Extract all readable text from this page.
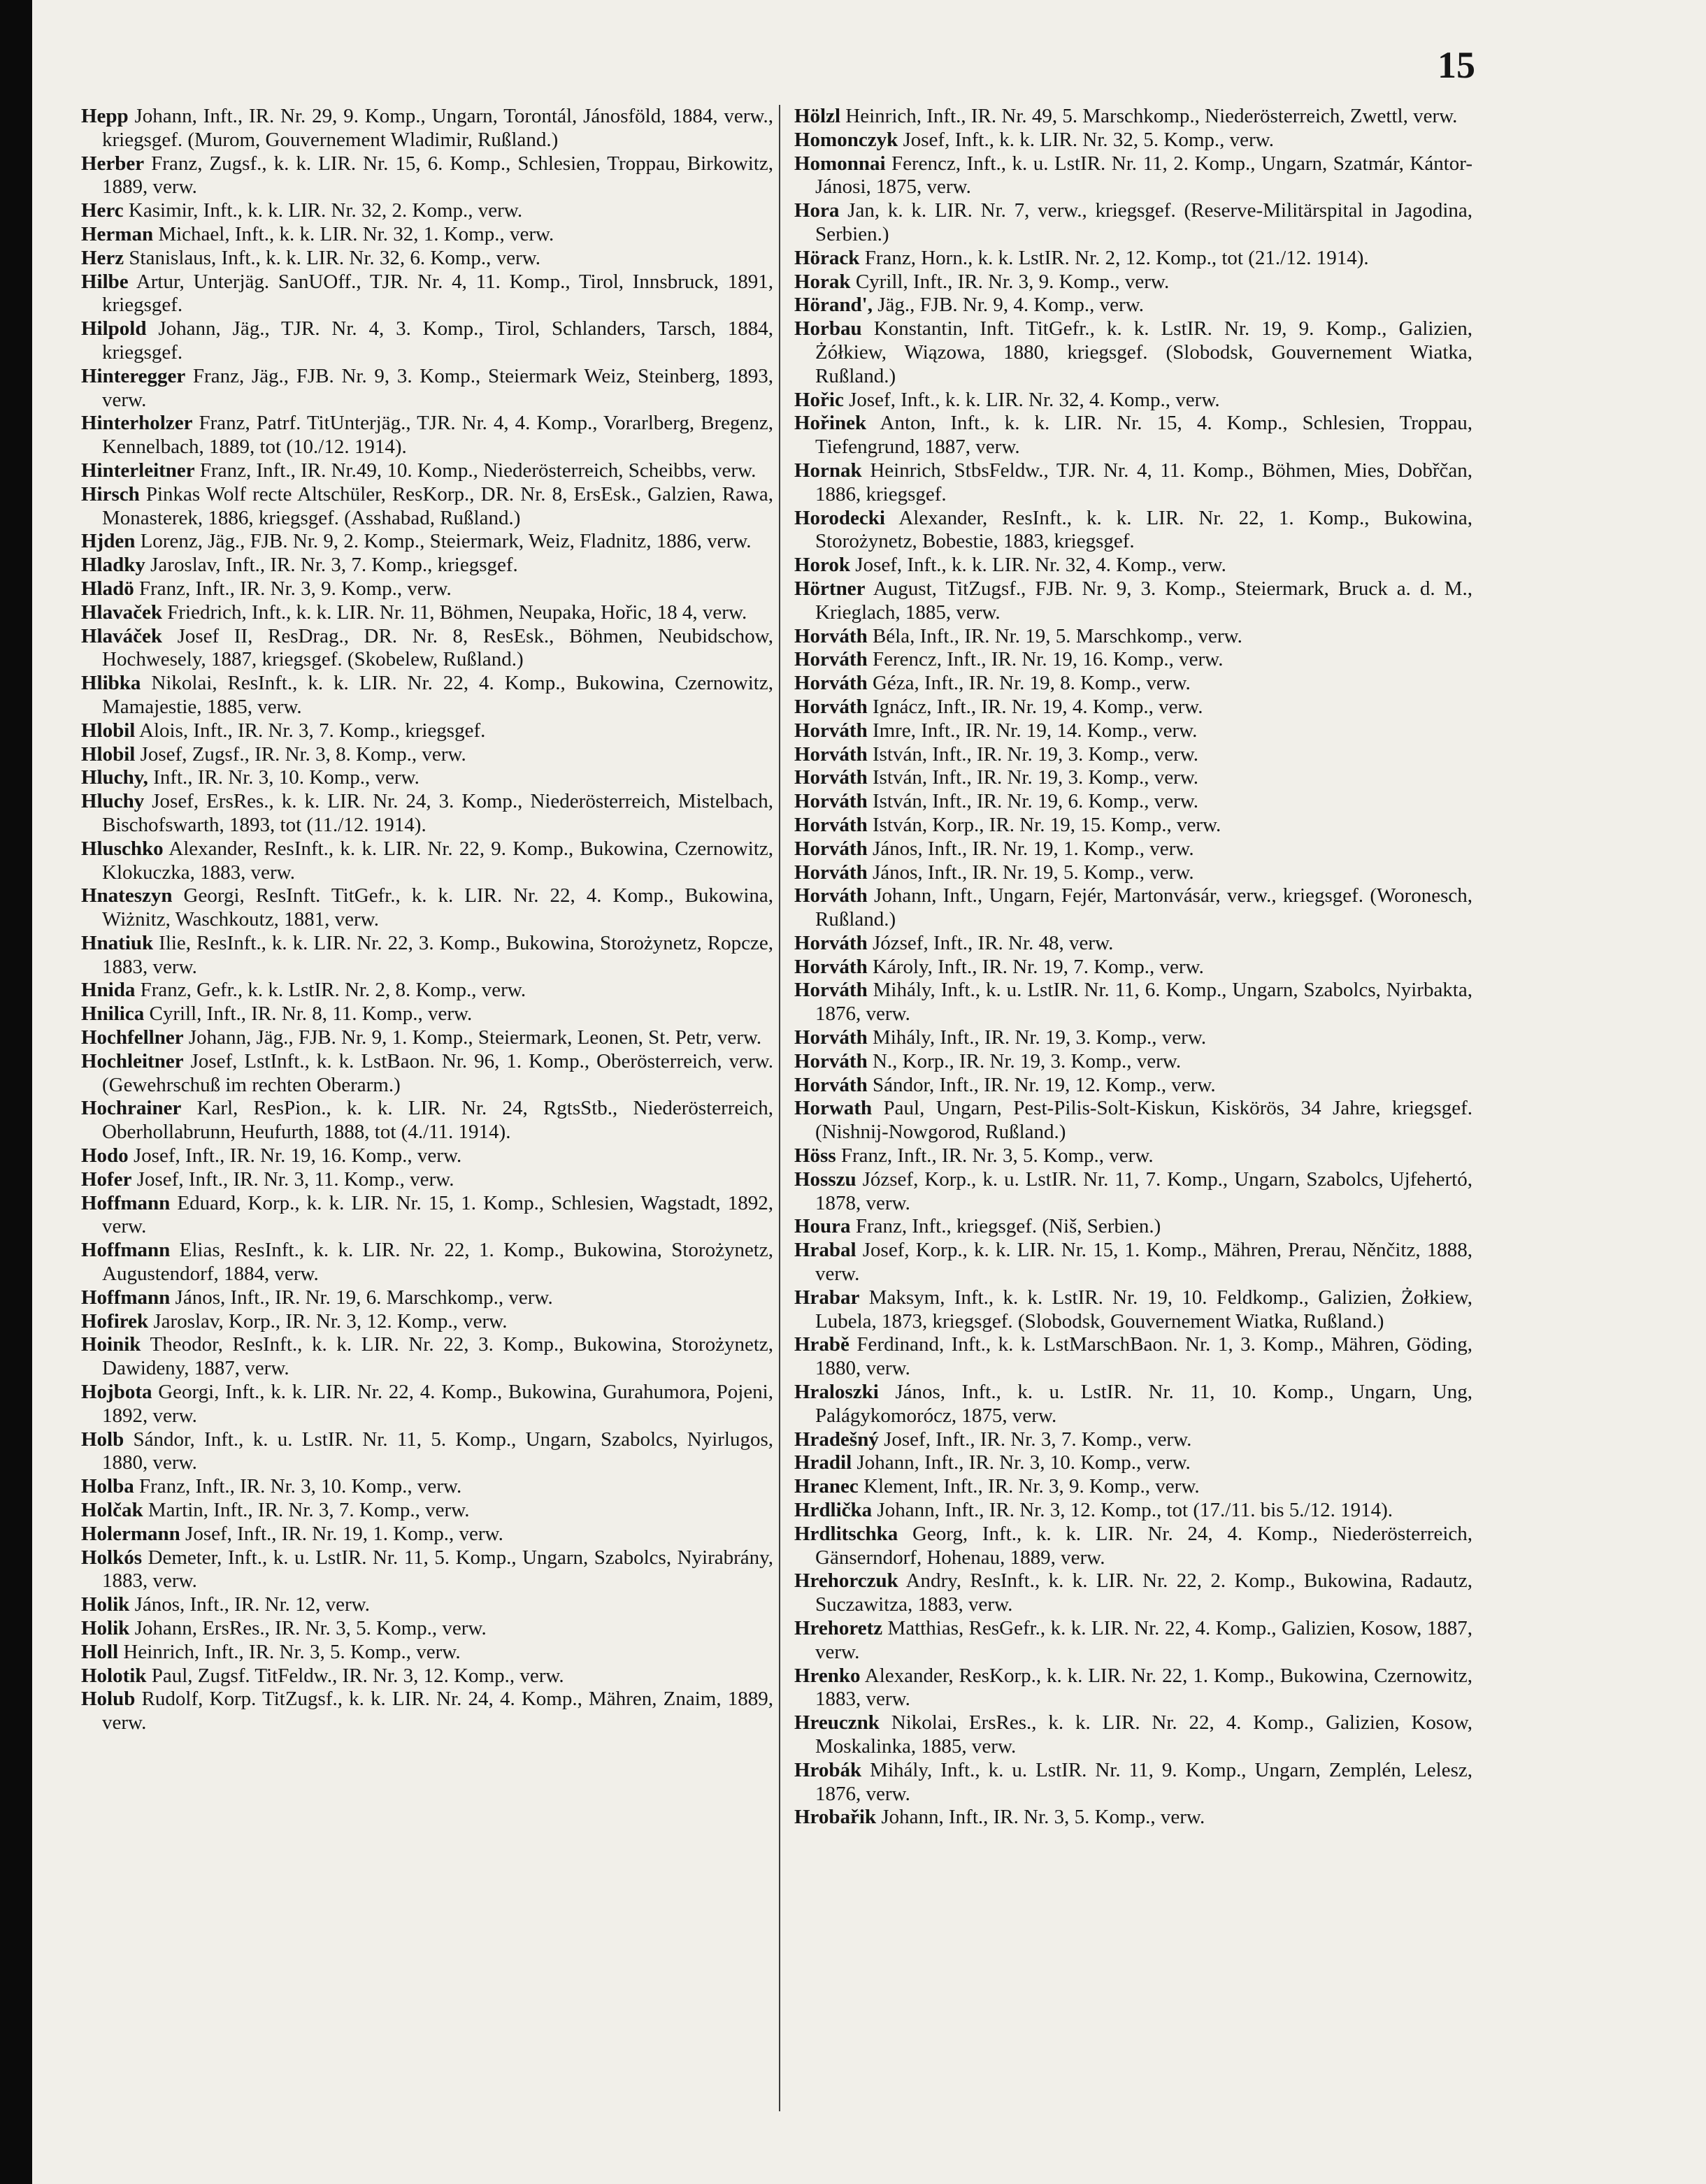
15

Hepp Johann, Inft., IR. Nr. 29, 9. Komp., Ungarn, Torontál, Jánosföld, 1884, verw., kriegsgef. (Murom, Gouvernement Wladimir, Rußland.)

Herber Franz, Zugsf., k. k. LIR. Nr. 15, 6. Komp., Schlesien, Troppau, Birkowitz, 1889, verw.

Herc Kasimir, Inft., k. k. LIR. Nr. 32, 2. Komp., verw.

Herman Michael, Inft., k. k. LIR. Nr. 32, 1. Komp., verw.

Herz Stanislaus, Inft., k. k. LIR. Nr. 32, 6. Komp., verw.

Hilbe Artur, Unterjäg. SanUOff., TJR. Nr. 4, 11. Komp., Tirol, Innsbruck, 1891, kriegsgef.

Hilpold Johann, Jäg., TJR. Nr. 4, 3. Komp., Tirol, Schlanders, Tarsch, 1884, kriegsgef.

Hinteregger Franz, Jäg., FJB. Nr. 9, 3. Komp., Steiermark Weiz, Steinberg, 1893, verw.

Hinterholzer Franz, Patrf. TitUnterjäg., TJR. Nr. 4, 4. Komp., Vorarlberg, Bregenz, Kennelbach, 1889, tot (10./12. 1914).

Hinterleitner Franz, Inft., IR. Nr.49, 10. Komp., Niederösterreich, Scheibbs, verw.

Hirsch Pinkas Wolf recte Altschüler, ResKorp., DR. Nr. 8, ErsEsk., Galzien, Rawa, Monasterek, 1886, kriegsgef. (Asshabad, Rußland.)

Hjden Lorenz, Jäg., FJB. Nr. 9, 2. Komp., Steiermark, Weiz, Fladnitz, 1886, verw.

Hladky Jaroslav, Inft., IR. Nr. 3, 7. Komp., kriegsgef.

Hladö Franz, Inft., IR. Nr. 3, 9. Komp., verw.

Hlavaček Friedrich, Inft., k. k. LIR. Nr. 11, Böhmen, Neupaka, Hořic, 18 4, verw.

Hlaváček Josef II, ResDrag., DR. Nr. 8, ResEsk., Böhmen, Neubidschow, Hochwesely, 1887, kriegsgef. (Skobelew, Rußland.)

Hlibka Nikolai, ResInft., k. k. LIR. Nr. 22, 4. Komp., Bukowina, Czernowitz, Mamajestie, 1885, verw.

Hlobil Alois, Inft., IR. Nr. 3, 7. Komp., kriegsgef.

Hlobil Josef, Zugsf., IR. Nr. 3, 8. Komp., verw.

Hluchy, Inft., IR. Nr. 3, 10. Komp., verw.

Hluchy Josef, ErsRes., k. k. LIR. Nr. 24, 3. Komp., Niederösterreich, Mistelbach, Bischofswarth, 1893, tot (11./12. 1914).

Hluschko Alexander, ResInft., k. k. LIR. Nr. 22, 9. Komp., Bukowina, Czernowitz, Klokuczka, 1883, verw.

Hnateszyn Georgi, ResInft. TitGefr., k. k. LIR. Nr. 22, 4. Komp., Bukowina, Wiżnitz, Waschkoutz, 1881, verw.

Hnatiuk Ilie, ResInft., k. k. LIR. Nr. 22, 3. Komp., Bukowina, Storożynetz, Ropcze, 1883, verw.

Hnida Franz, Gefr., k. k. LstIR. Nr. 2, 8. Komp., verw.

Hnilica Cyrill, Inft., IR. Nr. 8, 11. Komp., verw.

Hochfellner Johann, Jäg., FJB. Nr. 9, 1. Komp., Steiermark, Leonen, St. Petr, verw.

Hochleitner Josef, LstInft., k. k. LstBaon. Nr. 96, 1. Komp., Oberösterreich, verw. (Gewehrschuß im rechten Oberarm.)

Hochrainer Karl, ResPion., k. k. LIR. Nr. 24, RgtsStb., Niederösterreich, Oberhollabrunn, Heufurth, 1888, tot (4./11. 1914).

Hodo Josef, Inft., IR. Nr. 19, 16. Komp., verw.

Hofer Josef, Inft., IR. Nr. 3, 11. Komp., verw.

Hoffmann Eduard, Korp., k. k. LIR. Nr. 15, 1. Komp., Schlesien, Wagstadt, 1892, verw.

Hoffmann Elias, ResInft., k. k. LIR. Nr. 22, 1. Komp., Bukowina, Storożynetz, Augustendorf, 1884, verw.

Hoffmann János, Inft., IR. Nr. 19, 6. Marschkomp., verw.

Hofirek Jaroslav, Korp., IR. Nr. 3, 12. Komp., verw.

Hoinik Theodor, ResInft., k. k. LIR. Nr. 22, 3. Komp., Bukowina, Storożynetz, Dawideny, 1887, verw.

Hojbota Georgi, Inft., k. k. LIR. Nr. 22, 4. Komp., Bukowina, Gurahumora, Pojeni, 1892, verw.

Holb Sándor, Inft., k. u. LstIR. Nr. 11, 5. Komp., Ungarn, Szabolcs, Nyirlugos, 1880, verw.

Holba Franz, Inft., IR. Nr. 3, 10. Komp., verw.

Holčak Martin, Inft., IR. Nr. 3, 7. Komp., verw.

Holermann Josef, Inft., IR. Nr. 19, 1. Komp., verw.

Holkós Demeter, Inft., k. u. LstIR. Nr. 11, 5. Komp., Ungarn, Szabolcs, Nyirabrány, 1883, verw.

Holik János, Inft., IR. Nr. 12, verw.

Holik Johann, ErsRes., IR. Nr. 3, 5. Komp., verw.

Holl Heinrich, Inft., IR. Nr. 3, 5. Komp., verw.

Holotik Paul, Zugsf. TitFeldw., IR. Nr. 3, 12. Komp., verw.

Holub Rudolf, Korp. TitZugsf., k. k. LIR. Nr. 24, 4. Komp., Mähren, Znaim, 1889, verw.

Hölzl Heinrich, Inft., IR. Nr. 49, 5. Marschkomp., Niederösterreich, Zwettl, verw.

Homonczyk Josef, Inft., k. k. LIR. Nr. 32, 5. Komp., verw.

Homonnai Ferencz, Inft., k. u. LstIR. Nr. 11, 2. Komp., Ungarn, Szatmár, Kántor-Jánosi, 1875, verw.

Hora Jan, k. k. LIR. Nr. 7, verw., kriegsgef. (Reserve-Militärspital in Jagodina, Serbien.)

Hörack Franz, Horn., k. k. LstIR. Nr. 2, 12. Komp., tot (21./12. 1914).

Horak Cyrill, Inft., IR. Nr. 3, 9. Komp., verw.

Hörand', Jäg., FJB. Nr. 9, 4. Komp., verw.

Horbau Konstantin, Inft. TitGefr., k. k. LstIR. Nr. 19, 9. Komp., Galizien, Żółkiew, Wiązowa, 1880, kriegsgef. (Slobodsk, Gouvernement Wiatka, Rußland.)

Hořic Josef, Inft., k. k. LIR. Nr. 32, 4. Komp., verw.

Hořinek Anton, Inft., k. k. LIR. Nr. 15, 4. Komp., Schlesien, Troppau, Tiefengrund, 1887, verw.

Hornak Heinrich, StbsFeldw., TJR. Nr. 4, 11. Komp., Böhmen, Mies, Dobřčan, 1886, kriegsgef.

Horodecki Alexander, ResInft., k. k. LIR. Nr. 22, 1. Komp., Bukowina, Storożynetz, Bobestie, 1883, kriegsgef.

Horok Josef, Inft., k. k. LIR. Nr. 32, 4. Komp., verw.

Hörtner August, TitZugsf., FJB. Nr. 9, 3. Komp., Steiermark, Bruck a. d. M., Krieglach, 1885, verw.

Horváth Béla, Inft., IR. Nr. 19, 5. Marschkomp., verw.

Horváth Ferencz, Inft., IR. Nr. 19, 16. Komp., verw.

Horváth Géza, Inft., IR. Nr. 19, 8. Komp., verw.

Horváth Ignácz, Inft., IR. Nr. 19, 4. Komp., verw.

Horváth Imre, Inft., IR. Nr. 19, 14. Komp., verw.

Horváth István, Inft., IR. Nr. 19, 3. Komp., verw.

Horváth István, Inft., IR. Nr. 19, 3. Komp., verw.

Horváth István, Inft., IR. Nr. 19, 6. Komp., verw.

Horváth István, Korp., IR. Nr. 19, 15. Komp., verw.

Horváth János, Inft., IR. Nr. 19, 1. Komp., verw.

Horváth János, Inft., IR. Nr. 19, 5. Komp., verw.

Horváth Johann, Inft., Ungarn, Fejér, Martonvásár, verw., kriegsgef. (Woronesch, Rußland.)

Horváth József, Inft., IR. Nr. 48, verw.

Horváth Károly, Inft., IR. Nr. 19, 7. Komp., verw.

Horváth Mihály, Inft., k. u. LstIR. Nr. 11, 6. Komp., Ungarn, Szabolcs, Nyirbakta, 1876, verw.

Horváth Mihály, Inft., IR. Nr. 19, 3. Komp., verw.

Horváth N., Korp., IR. Nr. 19, 3. Komp., verw.

Horváth Sándor, Inft., IR. Nr. 19, 12. Komp., verw.

Horwath Paul, Ungarn, Pest-Pilis-Solt-Kiskun, Kiskörös, 34 Jahre, kriegsgef. (Nishnij-Nowgorod, Rußland.)

Höss Franz, Inft., IR. Nr. 3, 5. Komp., verw.

Hosszu József, Korp., k. u. LstIR. Nr. 11, 7. Komp., Ungarn, Szabolcs, Ujfehertó, 1878, verw.

Houra Franz, Inft., kriegsgef. (Niš, Serbien.)

Hrabal Josef, Korp., k. k. LIR. Nr. 15, 1. Komp., Mähren, Prerau, Něnčitz, 1888, verw.

Hrabar Maksym, Inft., k. k. LstIR. Nr. 19, 10. Feldkomp., Galizien, Żołkiew, Lubela, 1873, kriegsgef. (Slobodsk, Gouvernement Wiatka, Rußland.)

Hrabě Ferdinand, Inft., k. k. LstMarschBaon. Nr. 1, 3. Komp., Mähren, Göding, 1880, verw.

Hraloszki János, Inft., k. u. LstIR. Nr. 11, 10. Komp., Ungarn, Ung, Palágykomorócz, 1875, verw.

Hradešný Josef, Inft., IR. Nr. 3, 7. Komp., verw.

Hradil Johann, Inft., IR. Nr. 3, 10. Komp., verw.

Hranec Klement, Inft., IR. Nr. 3, 9. Komp., verw.

Hrdlička Johann, Inft., IR. Nr. 3, 12. Komp., tot (17./11. bis 5./12. 1914).

Hrdlitschka Georg, Inft., k. k. LIR. Nr. 24, 4. Komp., Niederösterreich, Gänserndorf, Hohenau, 1889, verw.

Hrehorczuk Andry, ResInft., k. k. LIR. Nr. 22, 2. Komp., Bukowina, Radautz, Suczawitza, 1883, verw.

Hrehoretz Matthias, ResGefr., k. k. LIR. Nr. 22, 4. Komp., Galizien, Kosow, 1887, verw.

Hrenko Alexander, ResKorp., k. k. LIR. Nr. 22, 1. Komp., Bukowina, Czernowitz, 1883, verw.

Hreucznk Nikolai, ErsRes., k. k. LIR. Nr. 22, 4. Komp., Galizien, Kosow, Moskalinka, 1885, verw.

Hrobák Mihály, Inft., k. u. LstIR. Nr. 11, 9. Komp., Ungarn, Zemplén, Lelesz, 1876, verw.

Hrobařik Johann, Inft., IR. Nr. 3, 5. Komp., verw.
